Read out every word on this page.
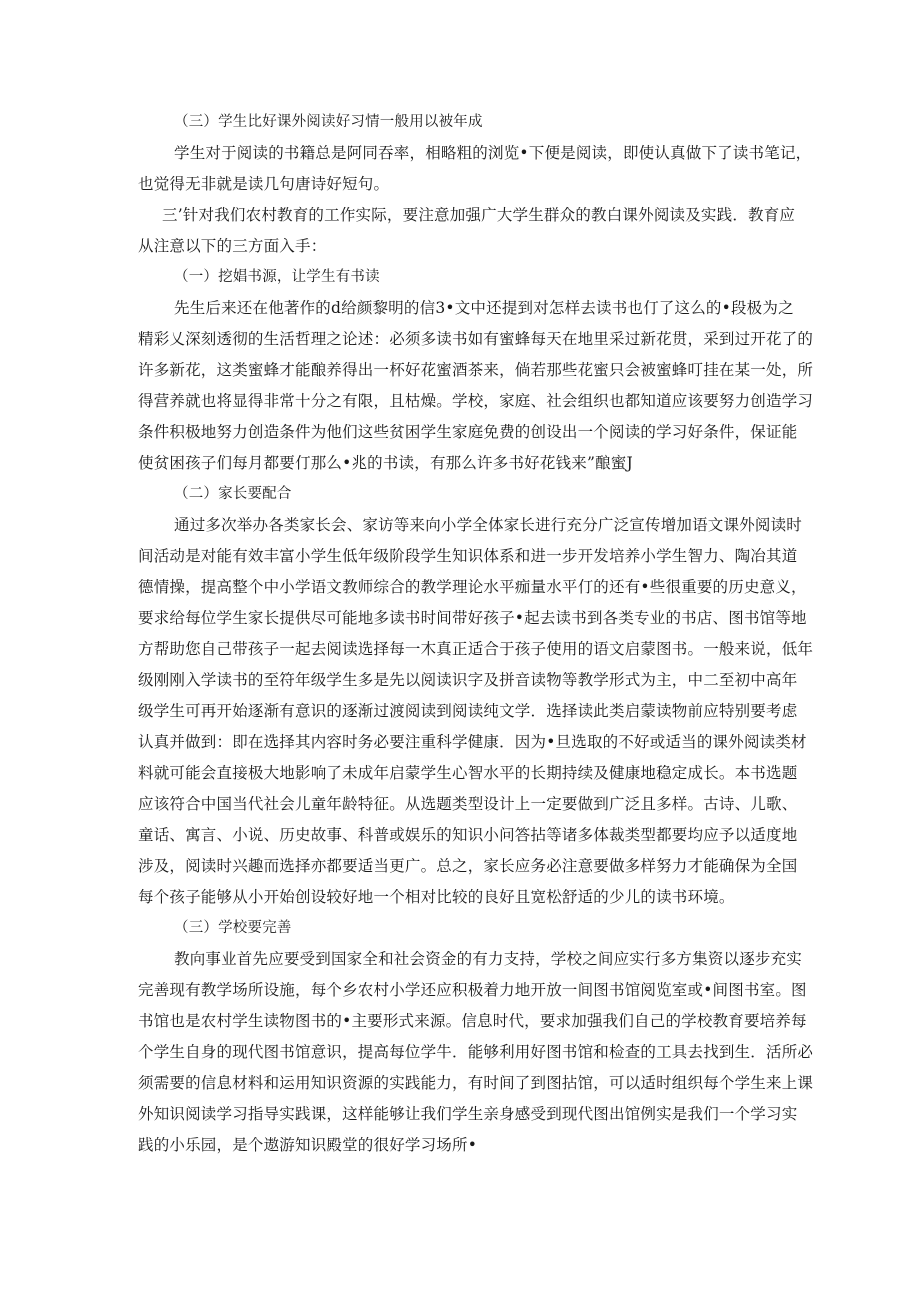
（三）学生比好课外阅读好习情一般用以被年成
学生对于阅读的书籍总是阿同吞率，相略粗的浏览•下便是阅读，即使认真做下了读书笔记，
也觉得无非就是读几句唐诗好短句。
三’针对我们农村教育的工作实际，要注意加强广大学生群众的教白课外阅读及实践．教育应
从注意以下的三方面入手：
（一）挖娼书源，让学生有书读
先生后来还在他著作的d给颜黎明的信3•文中还提到对怎样去读书也仃了这么的•段极为之
精彩乂深刻透彻的生活哲理之论述：必须多读书如有蜜蜂每天在地里采过新花贯，采到过开花了的
许多新花，这类蜜蜂才能酿养得出一杯好花蜜酒茶来，倘若那些花蜜只会被蜜蜂叮挂在某一处，所
得营养就也将显得非常十分之有限，且枯燥。学校，家庭、社会组织也都知道应该要努力创造学习
条件积极地努力创造条件为他们这些贫困学生家庭免费的创设出一个阅读的学习好条件，保证能
使贫困孩子们每月都要仃那么•兆的书读，有那么许多书好花钱来”酿蜜J
（二）家长要配合
通过多次举办各类家长会、家访等来向小学全体家长进行充分广泛宣传增加语文课外阅读时
间活动是对能有效丰富小学生低年级阶段学生知识体系和进一步开发培养小学生智力、陶冶其道
德情操，提高整个中小学语文教师综合的教学理论水平痂量水平仃的还有•些很重要的历史意义，
要求给每位学生家长提供尽可能地多读书时间带好孩子•起去读书到各类专业的书店、图书馆等地
方帮助您自己带孩子一起去阅读选择每一木真正适合于孩子使用的语文启蒙图书。一般来说，低年
级刚刚入学读书的至符年级学生多是先以阅读识字及拼音读物等教学形式为主，中二至初中高年
级学生可再开始逐渐有意识的逐渐过渡阅读到阅读纯文学．选择读此类启蒙读物前应特别要考虑
认真并做到：即在选择其内容时务必要注重科学健康．因为•旦选取的不好或适当的课外阅读类材
料就可能会直接极大地影响了未成年启蒙学生心智水平的长期持续及健康地稳定成长。本书选题
应该符合中国当代社会儿童年龄特征。从选题类型设计上一定要做到广泛且多样。古诗、儿歌、
童话、寓言、小说、历史故事、科普或娱乐的知识小问答拈等诸多体裁类型都要均应予以适度地
涉及，阅读时兴趣而选择亦都要适当更广。总之，家长应务必注意要做多样努力才能确保为全国
每个孩子能够从小开始创设较好地一个相对比较的良好且宽松舒适的少儿的读书环境。
（三）学校要完善
教向事业首先应要受到国家全和社会资金的有力支持，学校之间应实行多方集资以逐步充实
完善现有教学场所设施，每个乡农村小学还应积极着力地开放一间图书馆阅览室或•间图书室。图
书馆也是农村学生读物图书的•主要形式来源。信息时代，要求加强我们自己的学校教育要培养每
个学生自身的现代图书馆意识，提高每位学牛．能够利用好图书馆和检查的工具去找到生．活所必
须需要的信息材料和运用知识资源的实践能力，有时间了到图拈馆，可以适时组织每个学生来上课
外知识阅读学习指导实践课，这样能够让我们学生亲身感受到现代图出馆例实是我们一个学习实
践的小乐园，是个遨游知识殿堂的很好学习场所•
